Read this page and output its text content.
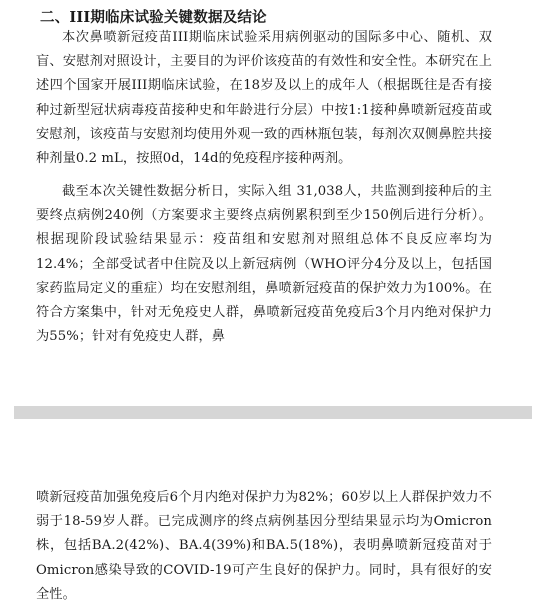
二、III期临床试验关键数据及结论

本次鼻喷新冠疫苗III期临床试验采用病例驱动的国际多中心、随机、双盲、安慰剂对照设计，主要目的为评价该疫苗的有效性和安全性。本研究在上述四个国家开展III期临床试验，在18岁及以上的成年人（根据既往是否有接种过新型冠状病毒疫苗接种史和年龄进行分层）中按1:1接种鼻喷新冠疫苗或安慰剂，该疫苗与安慰剂均使用外观一致的西林瓶包装，每剂次双侧鼻腔共接种剂量0.2 mL，按照0d，14d的免疫程序接种两剂。

截至本次关键性数据分析日，实际入组 31,038人，共监测到接种后的主要终点病例240例（方案要求主要终点病例累积到至少150例后进行分析）。根据现阶段试验结果显示：疫苗组和安慰剂对照组总体不良反应率均为12.4%；全部受试者中住院及以上新冠病例（WHO评分4分及以上，包括国家药监局定义的重症）均在安慰剂组，鼻喷新冠疫苗的保护效力为100%。在符合方案集中，针对无免疫史人群，鼻喷新冠疫苗免疫后3个月内绝对保护力为55%；针对有免疫史人群，鼻

喷新冠疫苗加强免疫后6个月内绝对保护力为82%；60岁以上人群保护效力不弱于18-59岁人群。已完成测序的终点病例基因分型结果显示均为Omicron株，包括BA.2(42%)、BA.4(39%)和BA.5(18%)，表明鼻喷新冠疫苗对于Omicron感染导致的COVID-19可产生良好的保护力。同时，具有很好的安全性。
